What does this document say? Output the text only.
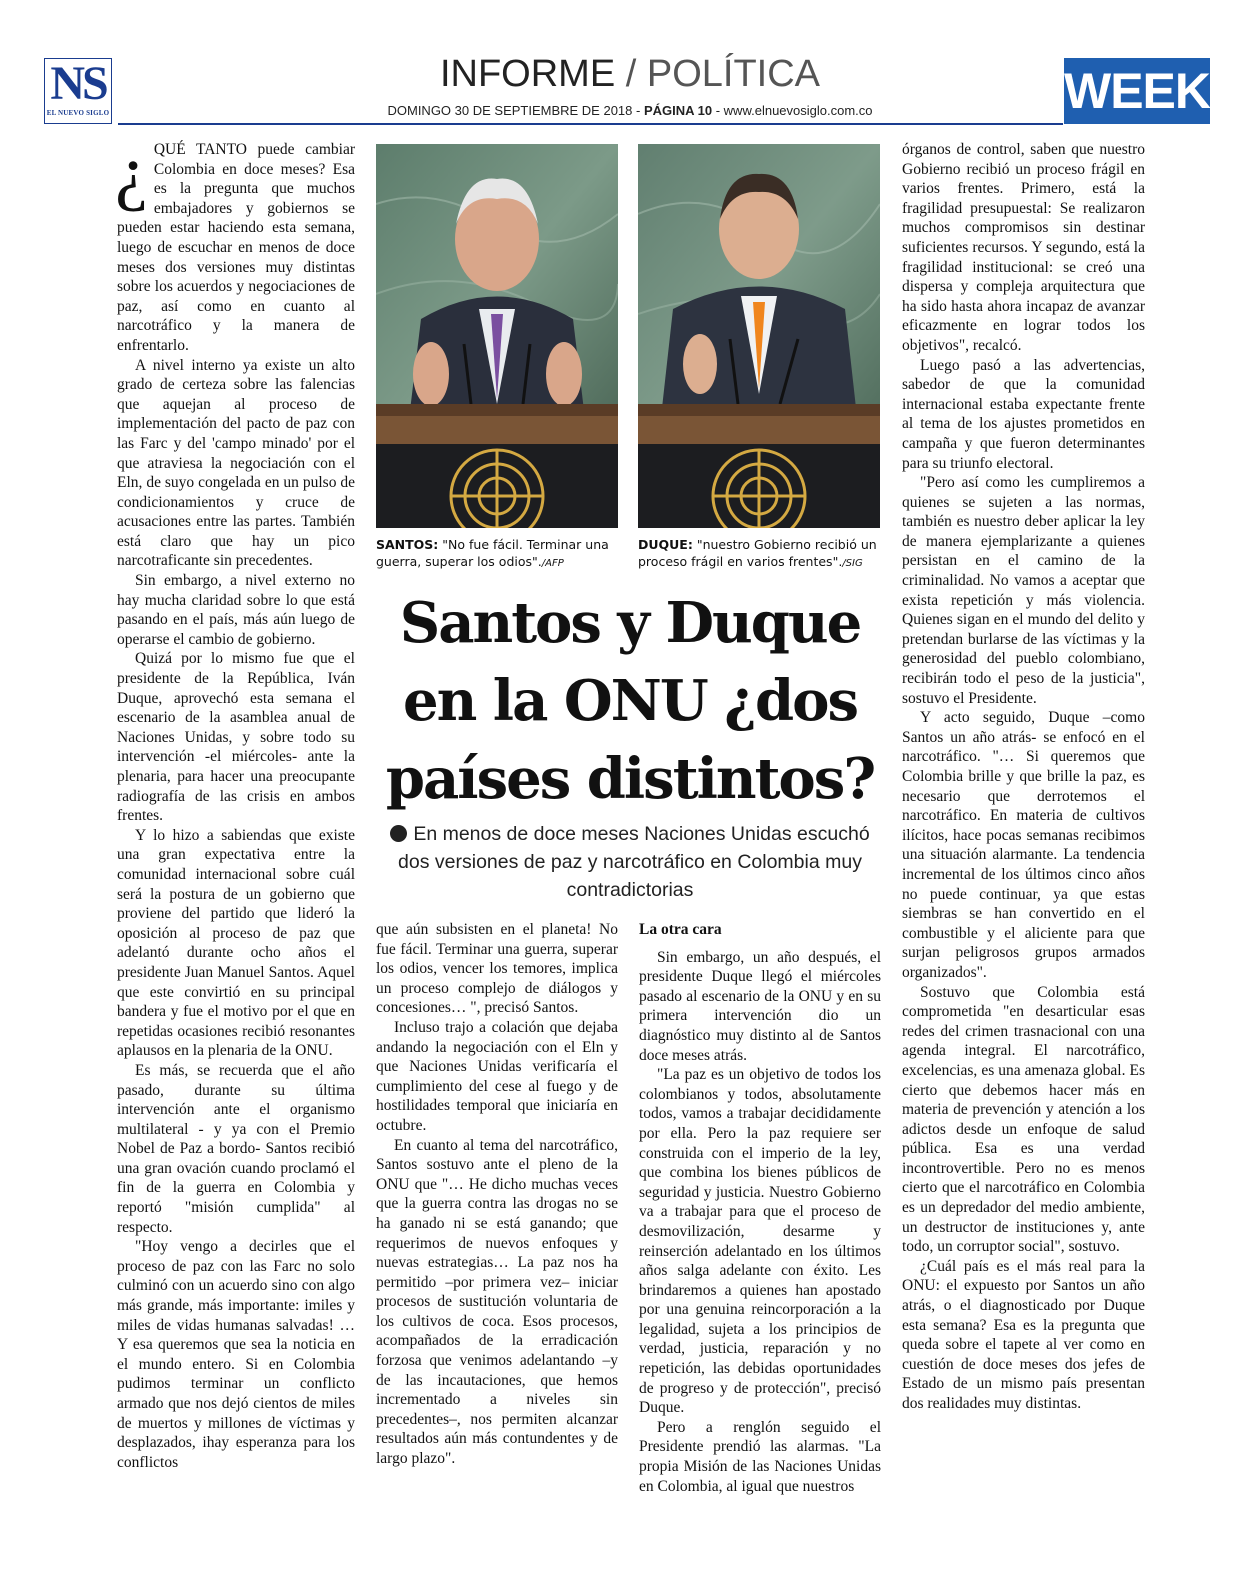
NS
EL NUEVO SIGLO
INFORME / POLÍTICA
DOMINGO 30 DE SEPTIEMBRE DE 2018 - PÁGINA 10 - www.elnuevosiglo.com.co	WEEK
SANTOS: "No fue fácil. Terminar una guerra, superar los odios"./AFP
DUQUE: "nuestro Gobierno recibió un proceso frágil en varios frentes"./SIG
Santos y Duque en la ONU ¿dos países distintos?
En menos de doce meses Naciones Unidas escuchó dos versiones de paz y narcotráfico en Colombia muy contradictorias

¿ QUÉ TANTO puede cambiar Colombia en doce meses? Esa es la pregunta que muchos embajadores y gobiernos se pueden estar haciendo esta semana, luego de escuchar en menos de doce meses dos versiones muy distintas sobre los acuerdos y negociaciones de paz, así como en cuanto al narcotráfico y la manera de enfrentarlo.

A nivel interno ya existe un alto grado de certeza sobre las falencias que aquejan al proceso de implementación del pacto de paz con las Farc y del 'campo minado' por el que atraviesa la negociación con el Eln, de suyo congelada en un pulso de condicionamientos y cruce de acusaciones entre las partes. También está claro que hay un pico narcotraficante sin precedentes.

Sin embargo, a nivel externo no hay mucha claridad sobre lo que está pasando en el país, más aún luego de operarse el cambio de gobierno.

Quizá por lo mismo fue que el presidente de la República, Iván Duque, aprovechó esta semana el escenario de la asamblea anual de Naciones Unidas, y sobre todo su intervención -el miércoles- ante la plenaria, para hacer una preocupante radiografía de las crisis en ambos frentes.

Y lo hizo a sabiendas que existe una gran expectativa entre la comunidad internacional sobre cuál será la postura de un gobierno que proviene del partido que lideró la oposición al proceso de paz que adelantó durante ocho años el presidente Juan Manuel Santos. Aquel que este convirtió en su principal bandera y fue el motivo por el que en repetidas ocasiones recibió resonantes aplausos en la plenaria de la ONU.

Es más, se recuerda que el año pasado, durante su última intervención ante el organismo multilateral - y ya con el Premio Nobel de Paz a bordo- Santos recibió una gran ovación cuando proclamó el fin de la guerra en Colombia y reportó "misión cumplida" al respecto.

"Hoy vengo a decirles que el proceso de paz con las Farc no solo culminó con un acuerdo sino con algo más grande, más importante: imiles y miles de vidas humanas salvadas! … Y esa queremos que sea la noticia en el mundo entero. Si en Colombia pudimos terminar un conflicto armado que nos dejó cientos de miles de muertos y millones de víctimas y desplazados, ihay esperanza para los conflictos

que aún subsisten en el planeta! No fue fácil. Terminar una guerra, superar los odios, vencer los temores, implica un proceso complejo de diálogos y concesiones… ", precisó Santos.

Incluso trajo a colación que dejaba andando la negociación con el Eln y que Naciones Unidas verificaría el cumplimiento del cese al fuego y de hostilidades temporal que iniciaría en octubre.

En cuanto al tema del narcotráfico, Santos sostuvo ante el pleno de la ONU que "… He dicho muchas veces que la guerra contra las drogas no se ha ganado ni se está ganando; que requerimos de nuevos enfoques y nuevas estrategias… La paz nos ha permitido –por primera vez– iniciar procesos de sustitución voluntaria de los cultivos de coca. Esos procesos, acompañados de la erradicación forzosa que venimos adelantando –y de las incautaciones, que hemos incrementado a niveles sin precedentes–, nos permiten alcanzar resultados aún más contundentes y de largo plazo".

La otra cara

Sin embargo, un año después, el presidente Duque llegó el miércoles pasado al escenario de la ONU y en su primera intervención dio un diagnóstico muy distinto al de Santos doce meses atrás.

"La paz es un objetivo de todos los colombianos y todos, absolutamente todos, vamos a trabajar decididamente por ella. Pero la paz requiere ser construida con el imperio de la ley, que combina los bienes públicos de seguridad y justicia. Nuestro Gobierno va a trabajar para que el proceso de desmovilización, desarme y reinserción adelantado en los últimos años salga adelante con éxito. Les brindaremos a quienes han apostado por una genuina reincorporación a la legalidad, sujeta a los principios de verdad, justicia, reparación y no repetición, las debidas oportunidades de progreso y de protección", precisó Duque.

Pero a renglón seguido el Presidente prendió las alarmas. "La propia Misión de las Naciones Unidas en Colombia, al igual que nuestros

órganos de control, saben que nuestro Gobierno recibió un proceso frágil en varios frentes. Primero, está la fragilidad presupuestal: Se realizaron muchos compromisos sin destinar suficientes recursos. Y segundo, está la fragilidad institucional: se creó una dispersa y compleja arquitectura que ha sido hasta ahora incapaz de avanzar eficazmente en lograr todos los objetivos", recalcó.

Luego pasó a las advertencias, sabedor de que la comunidad internacional estaba expectante frente al tema de los ajustes prometidos en campaña y que fueron determinantes para su triunfo electoral.

"Pero así como les cumpliremos a quienes se sujeten a las normas, también es nuestro deber aplicar la ley de manera ejemplarizante a quienes persistan en el camino de la criminalidad. No vamos a aceptar que exista repetición y más violencia. Quienes sigan en el mundo del delito y pretendan burlarse de las víctimas y la generosidad del pueblo colombiano, recibirán todo el peso de la justicia", sostuvo el Presidente.

Y acto seguido, Duque –como Santos un año atrás- se enfocó en el narcotráfico. "… Si queremos que Colombia brille y que brille la paz, es necesario que derrotemos el narcotráfico. En materia de cultivos ilícitos, hace pocas semanas recibimos una situación alarmante. La tendencia incremental de los últimos cinco años no puede continuar, ya que estas siembras se han convertido en el combustible y el aliciente para que surjan peligrosos grupos armados organizados".

Sostuvo que Colombia está comprometida "en desarticular esas redes del crimen trasnacional con una agenda integral. El narcotráfico, excelencias, es una amenaza global. Es cierto que debemos hacer más en materia de prevención y atención a los adictos desde un enfoque de salud pública. Esa es una verdad incontrovertible. Pero no es menos cierto que el narcotráfico en Colombia es un depredador del medio ambiente, un destructor de instituciones y, ante todo, un corruptor social", sostuvo.

¿Cuál país es el más real para la ONU: el expuesto por Santos un año atrás, o el diagnosticado por Duque esta semana? Esa es la pregunta que queda sobre el tapete al ver como en cuestión de doce meses dos jefes de Estado de un mismo país presentan dos realidades muy distintas.
